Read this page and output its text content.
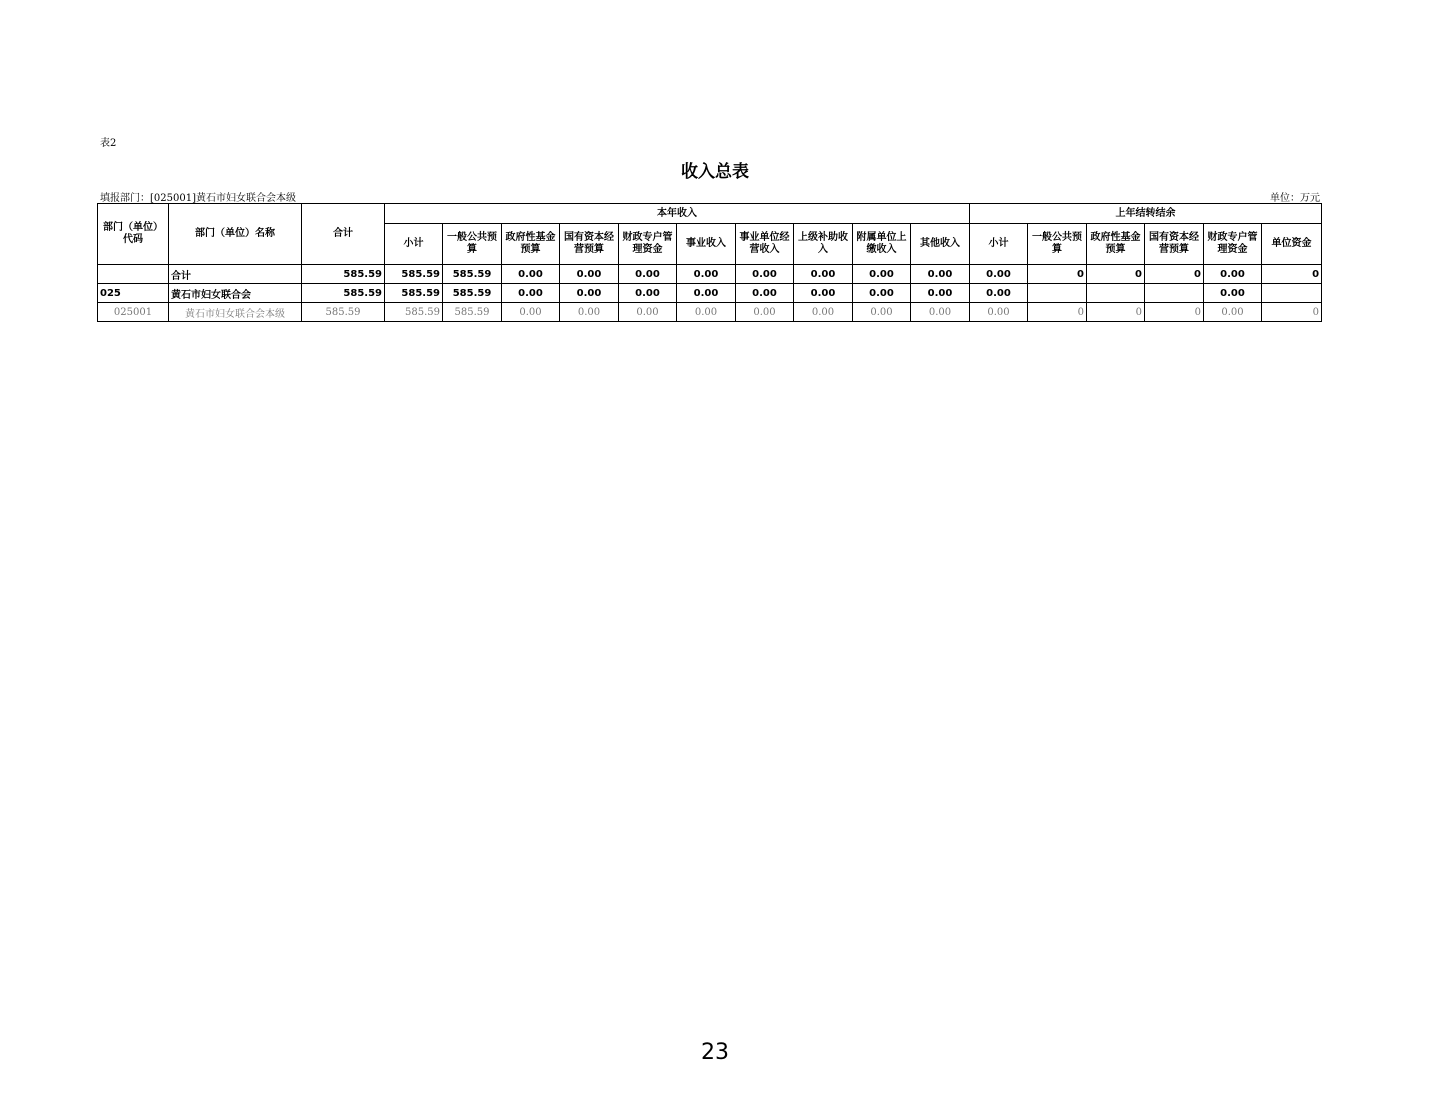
表2
收入总表
填报部门：[025001]黄石市妇女联合会本级	单位：万元
部门（单位）代码	部门（单位）名称	合计	本年收入										上年结转结余					
			小计	一般公共预算	政府性基金预算	国有资本经营预算	财政专户管理资金	事业收入	事业单位经营收入	上级补助收入	附属单位上缴收入	其他收入	小计	一般公共预算	政府性基金预算	国有资本经营预算	财政专户管理资金	单位资金
	合计	585.59	585.59	585.59	0.00	0.00	0.00	0.00	0.00	0.00	0.00	0.00	0.00	0	0	0	0.00	0
025	黄石市妇女联合会	585.59	585.59	585.59	0.00	0.00	0.00	0.00	0.00	0.00	0.00	0.00	0.00				0.00	
025001	黄石市妇女联合会本级	585.59	585.59	585.59	0.00	0.00	0.00	0.00	0.00	0.00	0.00	0.00	0.00	0	0	0	0.00	0
23
